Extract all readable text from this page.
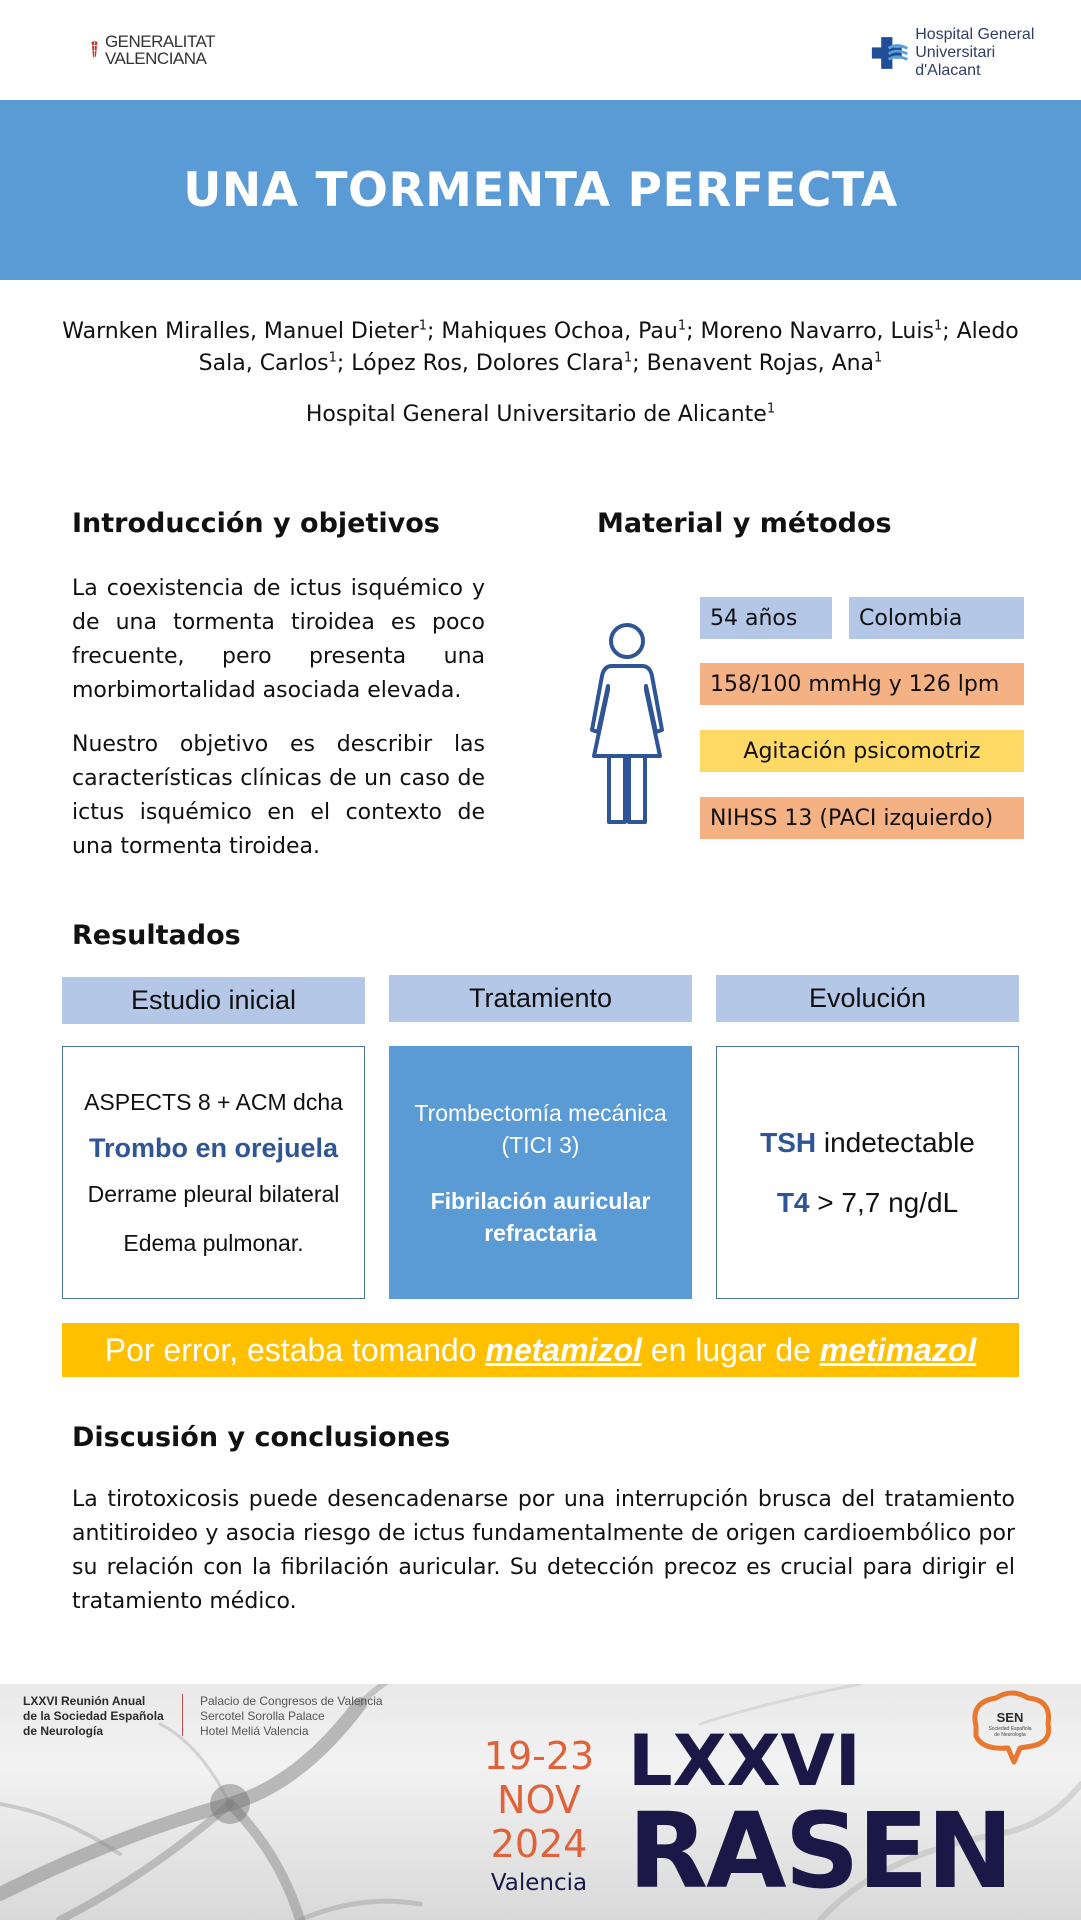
GENERALITAT
VALENCIANA
Hospital General
Universitari d'Alacant
UNA TORMENTA PERFECTA
Warnken Miralles, Manuel Dieter$^1$; Mahiques Ochoa, Pau$^1$; Moreno Navarro, Luis$^1$; Aledo Sala, Carlos$^1$; López Ros, Dolores Clara$^1$; Benavent Rojas, Ana$^1$
Hospital General Universitario de Alicante$^1$
Introducción y objetivos

La coexistencia de ictus isquémico y de una tormenta tiroidea es poco frecuente, pero presenta una morbimortalidad asociada elevada.

Nuestro objetivo es describir las características clínicas de un caso de ictus isquémico en el contexto de una tormenta tiroidea.

Material y métodos
54 años	Colombia
158/100 mmHg y 126 lpm
Agitación psicomotriz
NIHSS 13 (PACI izquierdo)
Resultados
Estudio inicial	Tratamiento	Evolución
ASPECTS 8 + ACM dcha
Trombo en orejuela
Derrame pleural bilateral
Edema pulmonar.
Trombectomía mecánica
(TICI 3)
Fibrilación auricular
refractaria
TSH indetectable
T4 > 7,7 ng/dL
Por error, estaba tomando metamizol en lugar de metimazol
Discusión y conclusiones

La tirotoxicosis puede desencadenarse por una interrupción brusca del tratamiento antitiroideo y asocia riesgo de ictus fundamentalmente de origen cardioembólico por su relación con la fibrilación auricular. Su detección precoz es crucial para dirigir el tratamiento médico.

LXXVI Reunión Anual
de la Sociedad Española
de Neurología
Palacio de Congresos de Valencia
Sercotel Sorolla Palace
Hotel Meliá Valencia
19-23
NOV
2024
Valencia
LXXVI
RASEN
SEN
Sociedad Española
de Neurología
